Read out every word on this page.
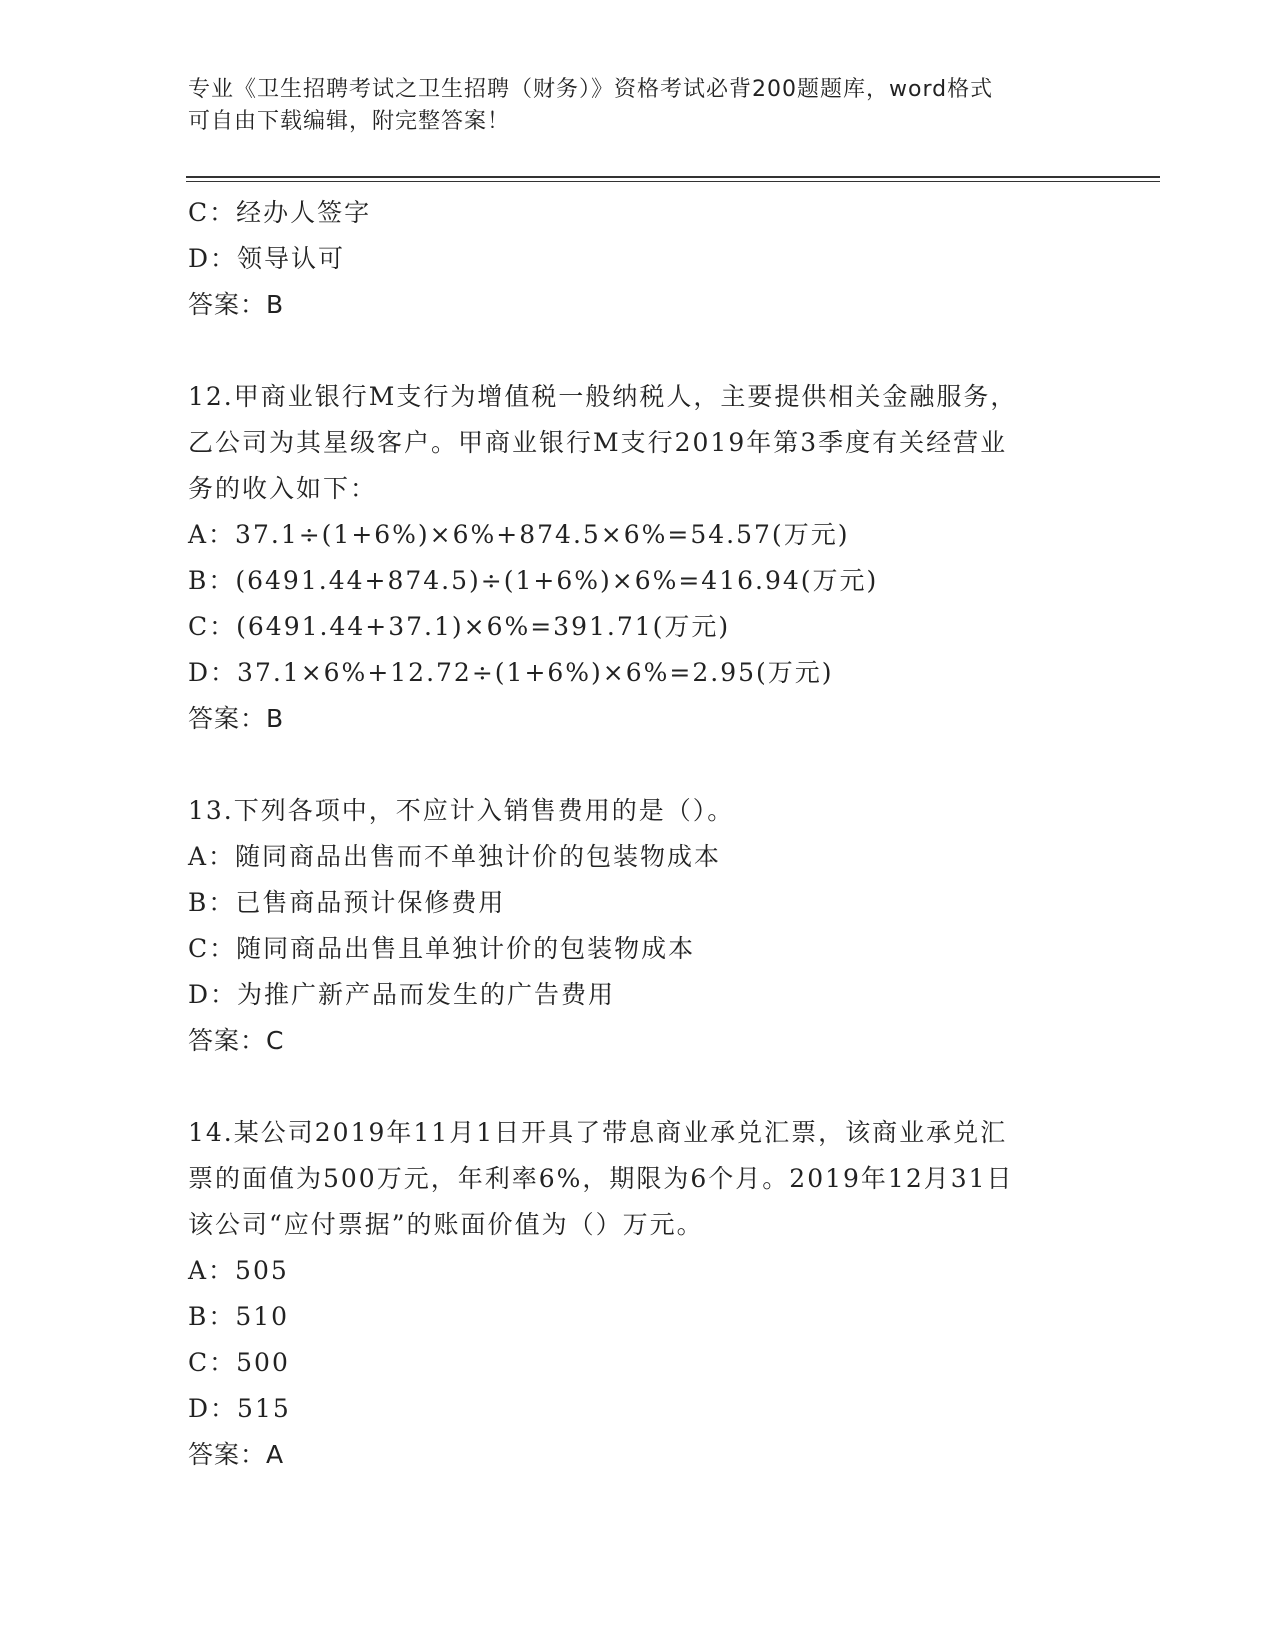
专业《卫生招聘考试之卫生招聘（财务）》资格考试必背200题题库，word格式
可自由下载编辑，附完整答案！
C：经办人签字
D：领导认可
答案：B
12.甲商业银行M支行为增值税一般纳税人，主要提供相关金融服务，
乙公司为其星级客户。甲商业银行M支行2019年第3季度有关经营业
务的收入如下：
A：37.1÷(1+6%)×6%+874.5×6%=54.57(万元)
B：(6491.44+874.5)÷(1+6%)×6%=416.94(万元)
C：(6491.44+37.1)×6%=391.71(万元)
D：37.1×6%+12.72÷(1+6%)×6%=2.95(万元)
答案：B
13.下列各项中，不应计入销售费用的是（）。
A：随同商品出售而不单独计价的包装物成本
B：已售商品预计保修费用
C：随同商品出售且单独计价的包装物成本
D：为推广新产品而发生的广告费用
答案：C
14.某公司2019年11月1日开具了带息商业承兑汇票，该商业承兑汇
票的面值为500万元，年利率6%，期限为6个月。2019年12月31日
该公司“应付票据”的账面价值为（）万元。
A：505
B：510
C：500
D：515
答案：A
